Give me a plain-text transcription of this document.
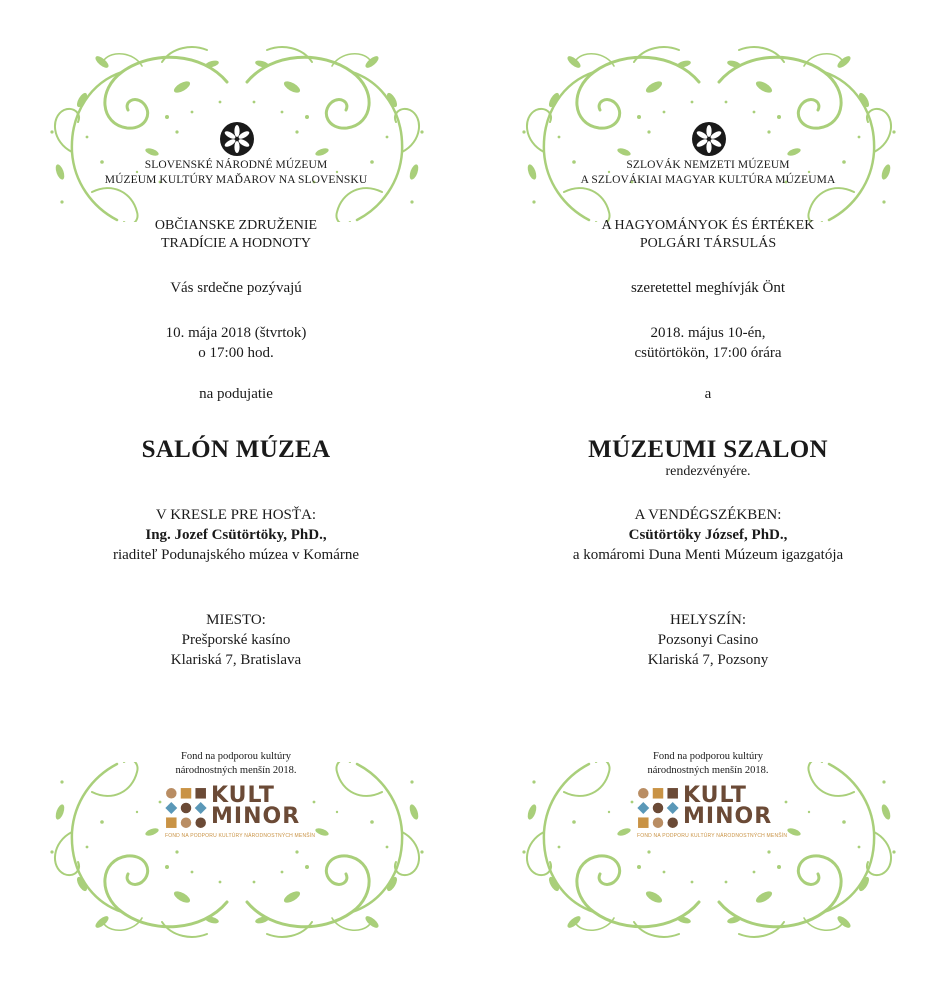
SLOVENSKÉ NÁRODNÉ MÚZEUM
MÚZEUM KULTÚRY MAĎAROV NA SLOVENSKU
OBČIANSKE ZDRUŽENIE
TRADÍCIE A HODNOTY
Vás srdečne pozývajú
10. mája 2018 (štvrtok)
o 17:00 hod.
na podujatie
SALÓN MÚZEA
V KRESLE PRE HOSŤA:
Ing. Jozef Csütörtöky, PhD.,
riaditeľ Podunajského múzea v Komárne
MIESTO:
Prešporské kasíno
Klariská 7, Bratislava
Fond na podporou kultúry
národnostných menšín 2018.
KULT
MINOR
FOND NA PODPORU KULTÚRY NÁRODNOSTNÝCH MENŠÍN
SZLOVÁK NEMZETI MÚZEUM
A SZLOVÁKIAI MAGYAR KULTÚRA MÚZEUMA
A HAGYOMÁNYOK ÉS ÉRTÉKEK
POLGÁRI TÁRSULÁS
szeretettel meghívják Önt
2018. május 10-én,
csütörtökön, 17:00 órára
a
MÚZEUMI SZALON
rendezvényére.
A VENDÉGSZÉKBEN:
Csütörtöky József, PhD.,
a komáromi Duna Menti Múzeum igazgatója
HELYSZÍN:
Pozsonyi Casino
Klariská 7, Pozsony
Fond na podporou kultúry
národnostných menšín 2018.
KULT
MINOR
FOND NA PODPORU KULTÚRY NÁRODNOSTNÝCH MENŠÍN
